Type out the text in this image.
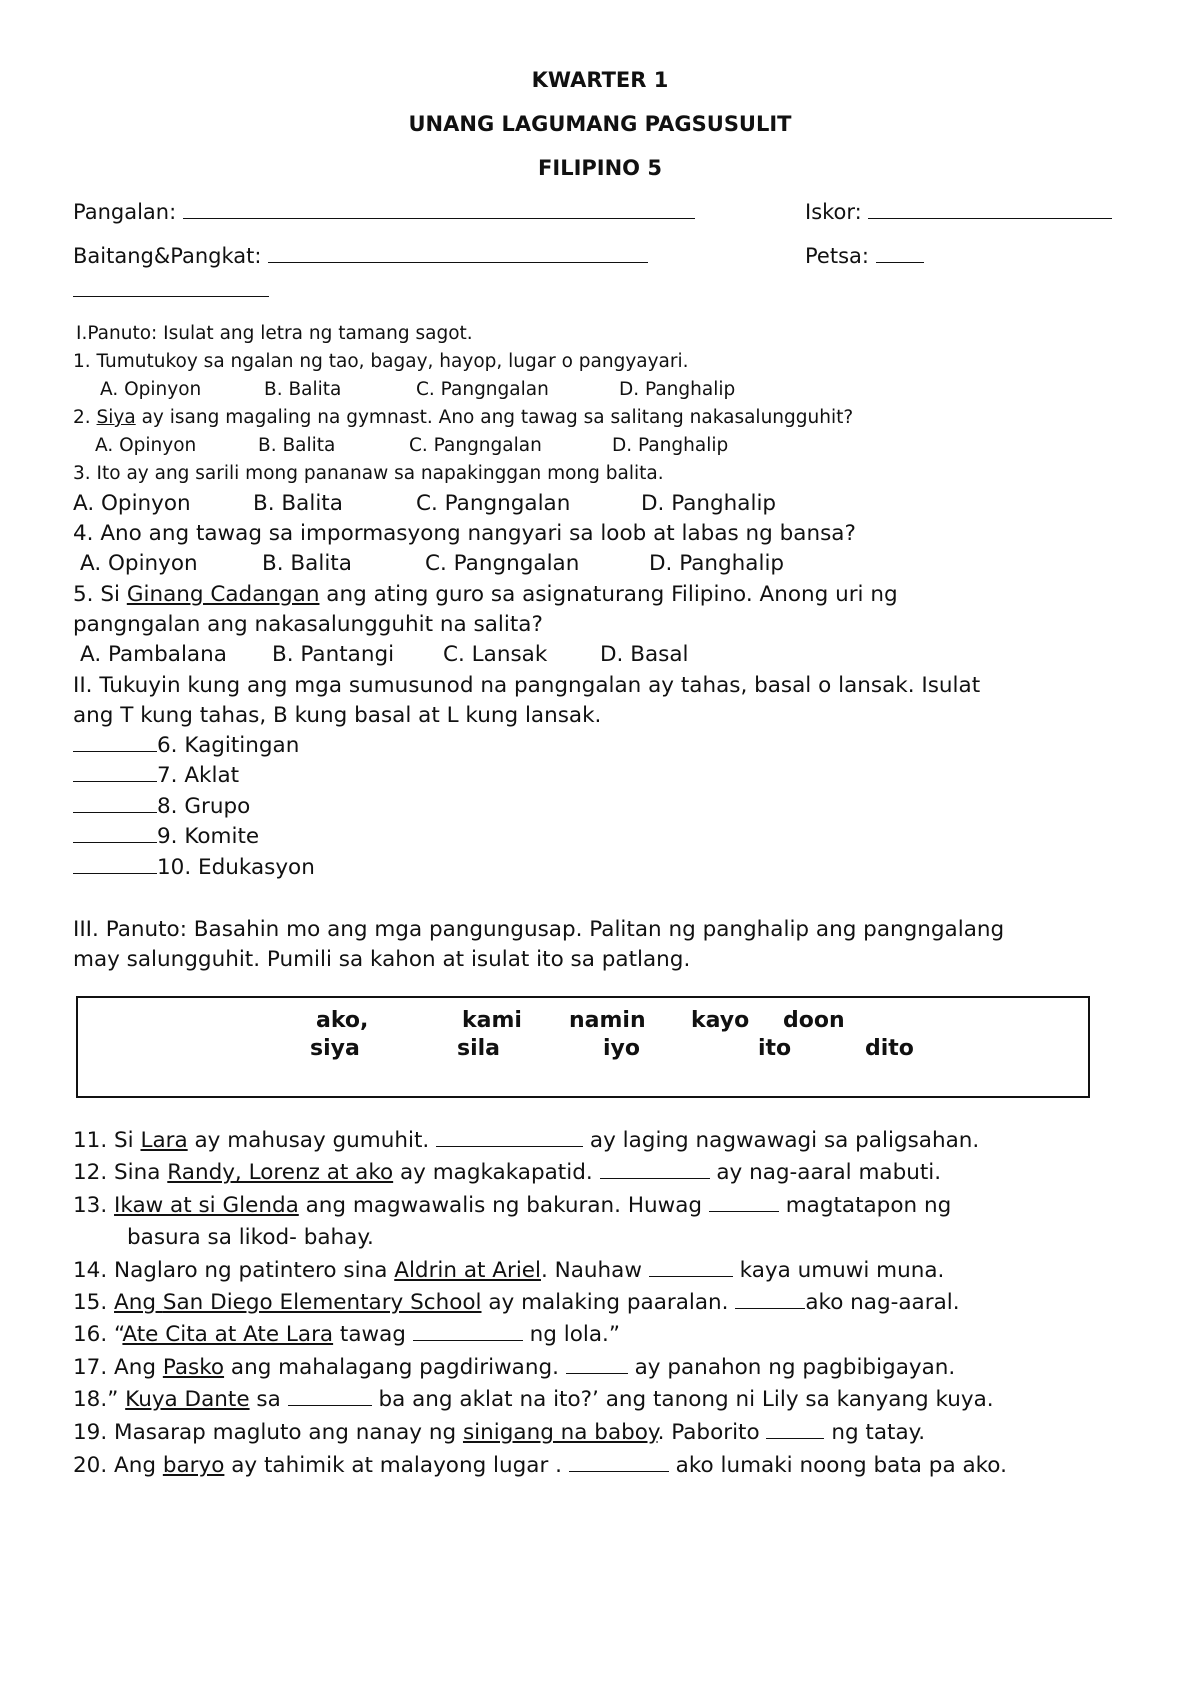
KWARTER 1
UNANG LAGUMANG PAGSUSULIT
FILIPINO 5
Pangalan:	Iskor:
Baitang&Pangkat:	Petsa:
I.Panuto: Isulat ang letra ng tamang sagot.
1. Tumutukoy sa ngalan ng tao, bagay, hayop, lugar o pangyayari.
A. Opinyon	B. Balita	C. Pangngalan	D. Panghalip
2. Siya ay isang magaling na gymnast. Ano ang tawag sa salitang nakasalungguhit?
A. Opinyon	B. Balita	C. Pangngalan	D. Panghalip
3. Ito ay ang sarili mong pananaw sa napakinggan mong balita.
A. Opinyon	B. Balita	C. Pangngalan	D. Panghalip
4. Ano ang tawag sa impormasyong nangyari sa loob at labas ng bansa?
A. Opinyon	B. Balita	C. Pangngalan	D. Panghalip
5. Si Ginang Cadangan ang ating guro sa asignaturang Filipino. Anong uri ng
pangngalan ang nakasalungguhit na salita?
A. Pambalana B. Pantangi C. Lansak D. Basal
II. Tukuyin kung ang mga sumusunod na pangngalan ay tahas, basal o lansak. Isulat
ang T kung tahas, B kung basal at L kung lansak.
6. Kagitingan
7. Aklat
8. Grupo
9. Komite
10. Edukasyon
III. Panuto: Basahin mo ang mga pangungusap. Palitan ng panghalip ang pangngalang
may salungguhit. Pumili sa kahon at isulat ito sa patlang.
ako,	kami namin kayo doon
siya	sila	iyo	ito	dito
11. Si Lara ay mahusay gumuhit.	ay laging nagwawagi sa paligsahan.
12. Sina Randy, Lorenz at ako ay magkakapatid.	ay nag-aaral mabuti.
13. Ikaw at si Glenda ang magwawalis ng bakuran. Huwag	magtatapon ng
basura sa likod- bahay.
14. Naglaro ng patintero sina Aldrin at Ariel. Nauhaw	kaya umuwi muna.
15. Ang San Diego Elementary School ay malaking paaralan.	ako nag-aaral.
16. “Ate Cita at Ate Lara tawag	ng lola.”
17. Ang Pasko ang mahalagang pagdiriwang.	ay panahon ng pagbibigayan.
18.” Kuya Dante sa	ba ang aklat na ito?’ ang tanong ni Lily sa kanyang kuya.
19. Masarap magluto ang nanay ng sinigang na baboy. Paborito	ng tatay.
20. Ang baryo ay tahimik at malayong lugar .	ako lumaki noong bata pa ako.
